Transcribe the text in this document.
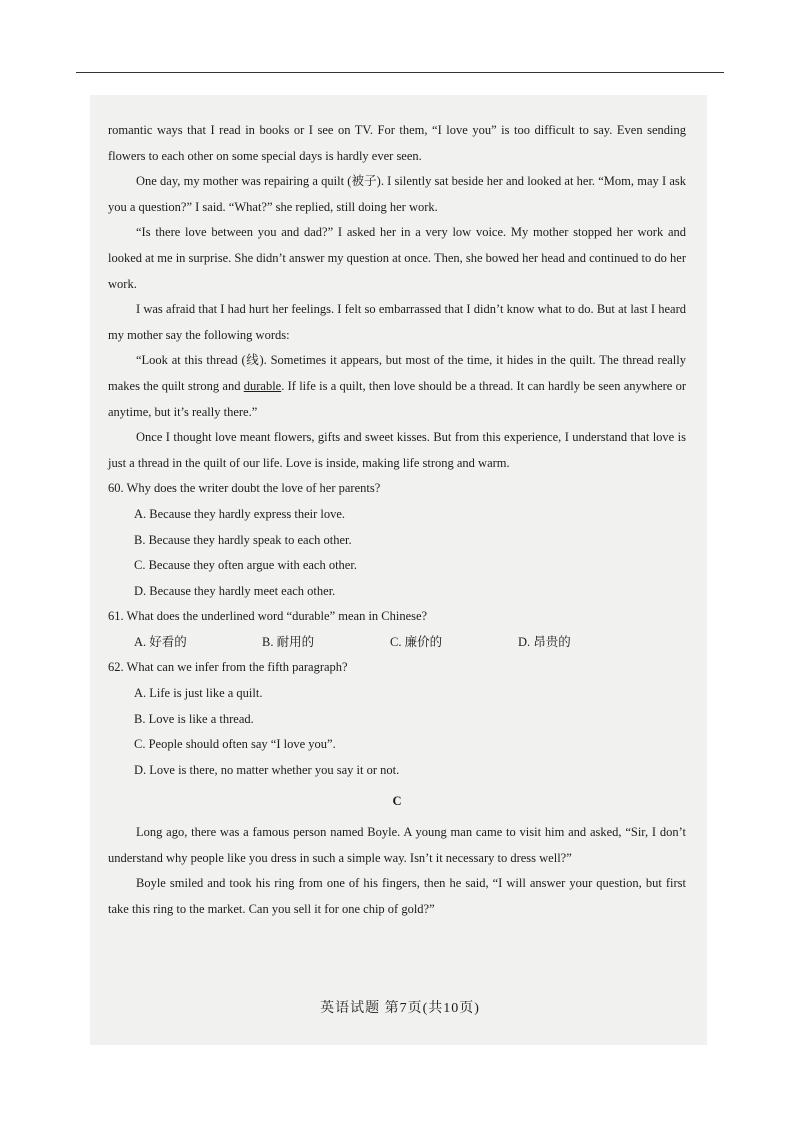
romantic ways that I read in books or I see on TV. For them, “I love you” is too difficult to say. Even sending flowers to each other on some special days is hardly ever seen.

One day, my mother was repairing a quilt (被子). I silently sat beside her and looked at her. “Mom, may I ask you a question?” I said. “What?” she replied, still doing her work.

“Is there love between you and dad?” I asked her in a very low voice. My mother stopped her work and looked at me in surprise. She didn’t answer my question at once. Then, she bowed her head and continued to do her work.

I was afraid that I had hurt her feelings. I felt so embarrassed that I didn’t know what to do. But at last I heard my mother say the following words:

“Look at this thread (线). Sometimes it appears, but most of the time, it hides in the quilt. The thread really makes the quilt strong and durable. If life is a quilt, then love should be a thread. It can hardly be seen anywhere or anytime, but it’s really there.”

Once I thought love meant flowers, gifts and sweet kisses. But from this experience, I understand that love is just a thread in the quilt of our life. Love is inside, making life strong and warm.

60. Why does the writer doubt the love of her parents?

A. Because they hardly express their love.

B. Because they hardly speak to each other.

C. Because they often argue with each other.

D. Because they hardly meet each other.

61. What does the underlined word “durable” mean in Chinese?

A. 好看的	B. 耐用的	C. 廉价的	D. 昂贵的

62. What can we infer from the fifth paragraph?

A. Life is just like a quilt.

B. Love is like a thread.

C. People should often say “I love you”.

D. Love is there, no matter whether you say it or not.

C

Long ago, there was a famous person named Boyle. A young man came to visit him and asked, “Sir, I don’t understand why people like you dress in such a simple way. Isn’t it necessary to dress well?”

Boyle smiled and took his ring from one of his fingers, then he said, “I will answer your question, but first take this ring to the market. Can you sell it for one chip of gold?”

英语试题 第7页(共10页)
